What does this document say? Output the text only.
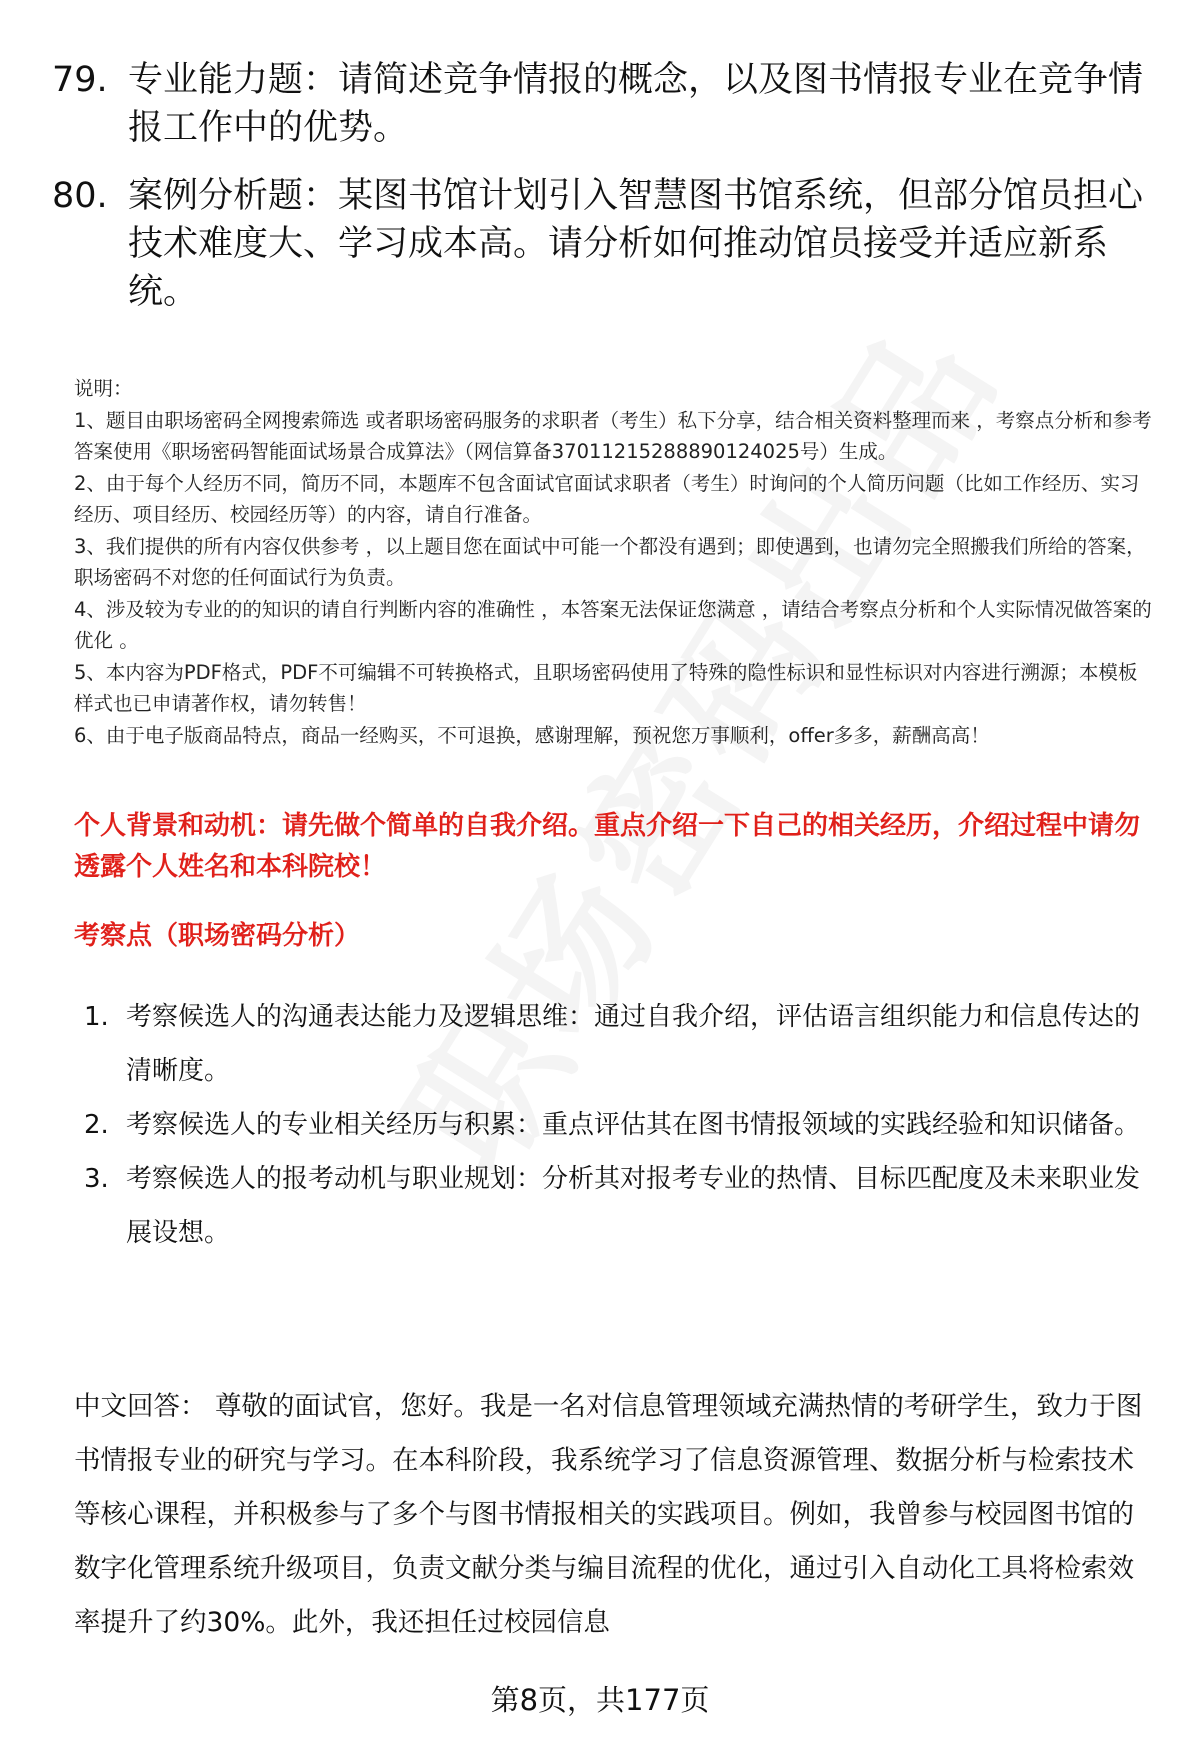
79. 专业能力题：请简述竞争情报的概念，以及图书情报专业在竞争情报工作中的优势。
80. 案例分析题：某图书馆计划引入智慧图书馆系统，但部分馆员担心技术难度大、学习成本高。请分析如何推动馆员接受并适应新系统。

说明：

1、题目由职场密码全网搜索筛选 或者职场密码服务的求职者（考生）私下分享，结合相关资料整理而来 ，考察点分析和参考答案使用《职场密码智能面试场景合成算法》（网信算备37011215288890124025号）生成。

2、由于每个人经历不同，简历不同，本题库不包含面试官面试求职者（考生）时询问的个人简历问题（比如工作经历、实习经历、项目经历、校园经历等）的内容，请自行准备。

3、我们提供的所有内容仅供参考 ，以上题目您在面试中可能一个都没有遇到；即使遇到，也请勿完全照搬我们所给的答案，职场密码不对您的任何面试行为负责。

4、涉及较为专业的的知识的请自行判断内容的准确性 ，本答案无法保证您满意 ，请结合考察点分析和个人实际情况做答案的优化 。

5、本内容为PDF格式，PDF不可编辑不可转换格式，且职场密码使用了特殊的隐性标识和显性标识对内容进行溯源；本模板样式也已申请著作权，请勿转售！

6、由于电子版商品特点，商品一经购买，不可退换，感谢理解，预祝您万事顺利，offer多多，薪酬高高！

个人背景和动机：请先做个简单的自我介绍。重点介绍一下自己的相关经历，介绍过程中请勿透露个人姓名和本科院校！
考察点（职场密码分析）
1. 考察候选人的沟通表达能力及逻辑思维：通过自我介绍，评估语言组织能力和信息传达的清晰度。
2. 考察候选人的专业相关经历与积累：重点评估其在图书情报领域的实践经验和知识储备。
3. 考察候选人的报考动机与职业规划：分析其对报考专业的热情、目标匹配度及未来职业发展设想。
中文回答： 尊敬的面试官，您好。我是一名对信息管理领域充满热情的考研学生，致力于图书情报专业的研究与学习。在本科阶段，我系统学习了信息资源管理、数据分析与检索技术等核心课程，并积极参与了多个与图书情报相关的实践项目。例如，我曾参与校园图书馆的数字化管理系统升级项目，负责文献分类与编目流程的优化，通过引入自动化工具将检索效率提升了约30%。此外，我还担任过校园信息
第8页，共177页
